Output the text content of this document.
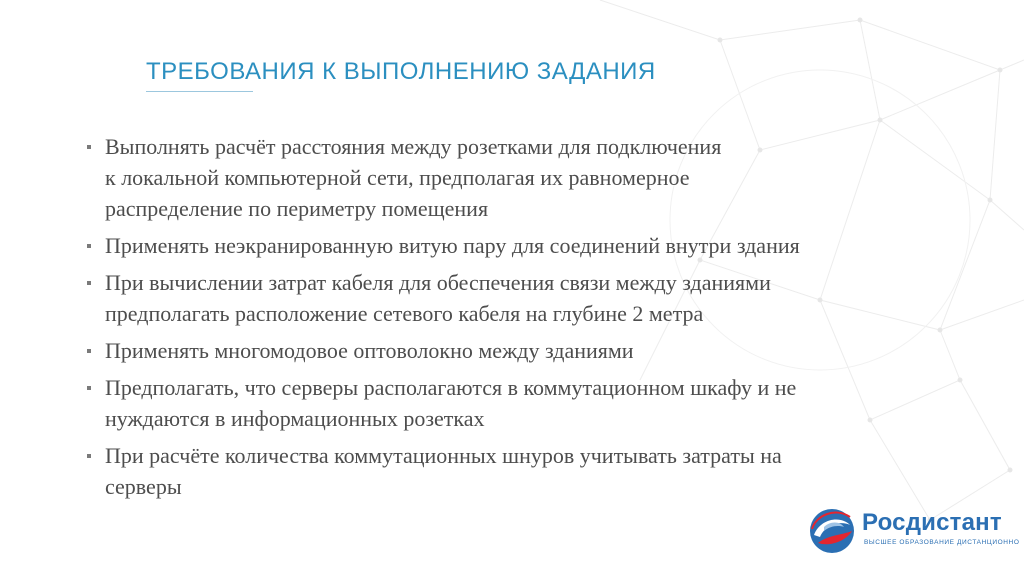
ТРЕБОВАНИЯ К ВЫПОЛНЕНИЮ ЗАДАНИЯ
Выполнять расчёт расстояния между розетками для подключения
к локальной компьютерной сети, предполагая их равномерное
распределение по периметру помещения
Применять неэкранированную витую пару для соединений внутри здания
При вычислении затрат кабеля для обеспечения связи между зданиями
предполагать расположение сетевого кабеля на глубине 2 метра
Применять многомодовое оптоволокно между зданиями
Предполагать, что серверы располагаются в коммутационном шкафу и не
нуждаются в информационных розетках
При расчёте количества коммутационных шнуров учитывать затраты на
серверы
Росдистант
ВЫСШЕЕ ОБРАЗОВАНИЕ ДИСТАНЦИОННО
